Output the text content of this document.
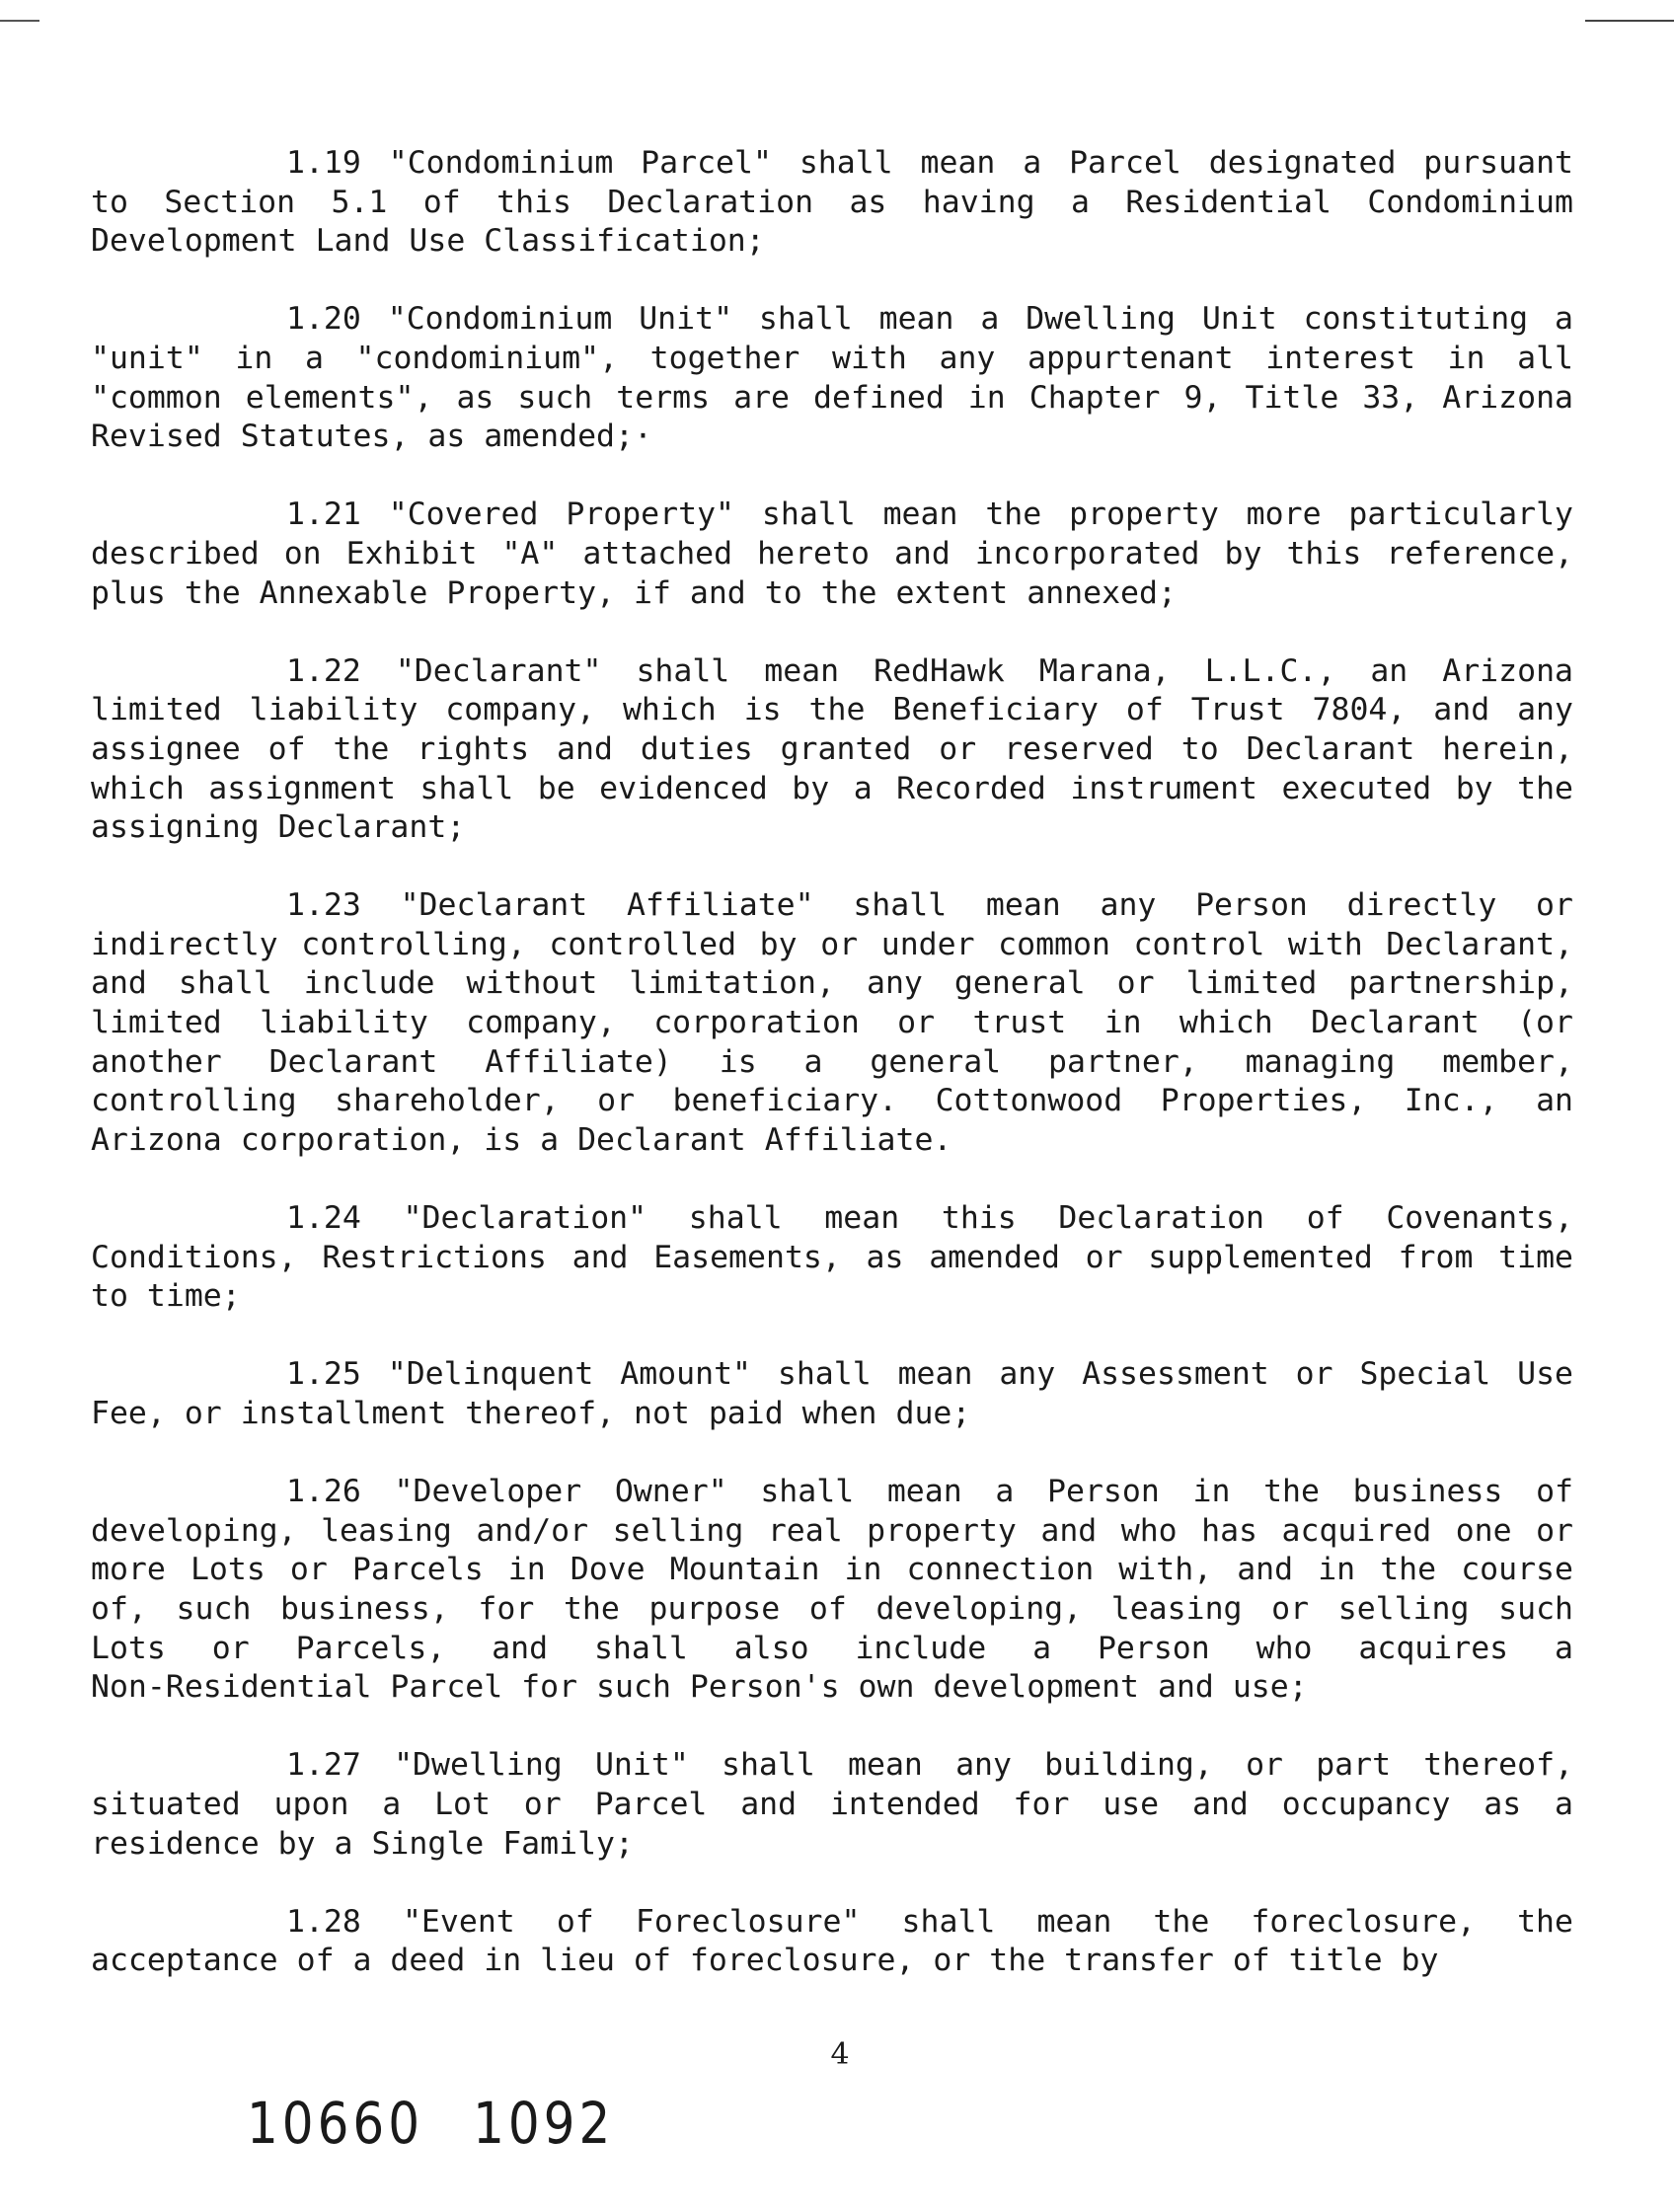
1.19 "Condominium Parcel" shall mean a Parcel designated pursuant
to Section 5.1 of this Declaration as having a Residential Condominium
Development Land Use Classification;
1.20 "Condominium Unit" shall mean a Dwelling Unit constituting a
"unit" in a "condominium", together with any appurtenant interest in all
"common elements", as such terms are defined in Chapter 9, Title 33, Arizona
Revised Statutes, as amended;·
1.21 "Covered Property" shall mean the property more particularly
described on Exhibit "A" attached hereto and incorporated by this reference,
plus the Annexable Property, if and to the extent annexed;
1.22 "Declarant" shall mean RedHawk Marana, L.L.C., an Arizona
limited liability company, which is the Beneficiary of Trust 7804, and any
assignee of the rights and duties granted or reserved to Declarant herein,
which assignment shall be evidenced by a Recorded instrument executed by the
assigning Declarant;
1.23 "Declarant Affiliate" shall mean any Person directly or
indirectly controlling, controlled by or under common control with Declarant,
and shall include without limitation, any general or limited partnership,
limited liability company, corporation or trust in which Declarant (or
another Declarant Affiliate) is a general partner, managing member,
controlling shareholder, or beneficiary. Cottonwood Properties, Inc., an
Arizona corporation, is a Declarant Affiliate.
1.24 "Declaration" shall mean this Declaration of Covenants,
Conditions, Restrictions and Easements, as amended or supplemented from time
to time;
1.25 "Delinquent Amount" shall mean any Assessment or Special Use
Fee, or installment thereof, not paid when due;
1.26 "Developer Owner" shall mean a Person in the business of
developing, leasing and/or selling real property and who has acquired one or
more Lots or Parcels in Dove Mountain in connection with, and in the course
of, such business, for the purpose of developing, leasing or selling such
Lots or Parcels, and shall also include a Person who acquires a
Non-Residential Parcel for such Person's own development and use;
1.27 "Dwelling Unit" shall mean any building, or part thereof,
situated upon a Lot or Parcel and intended for use and occupancy as a
residence by a Single Family;
1.28 "Event of Foreclosure" shall mean the foreclosure, the
acceptance of a deed in lieu of foreclosure, or the transfer of title by
4
10660 1092
